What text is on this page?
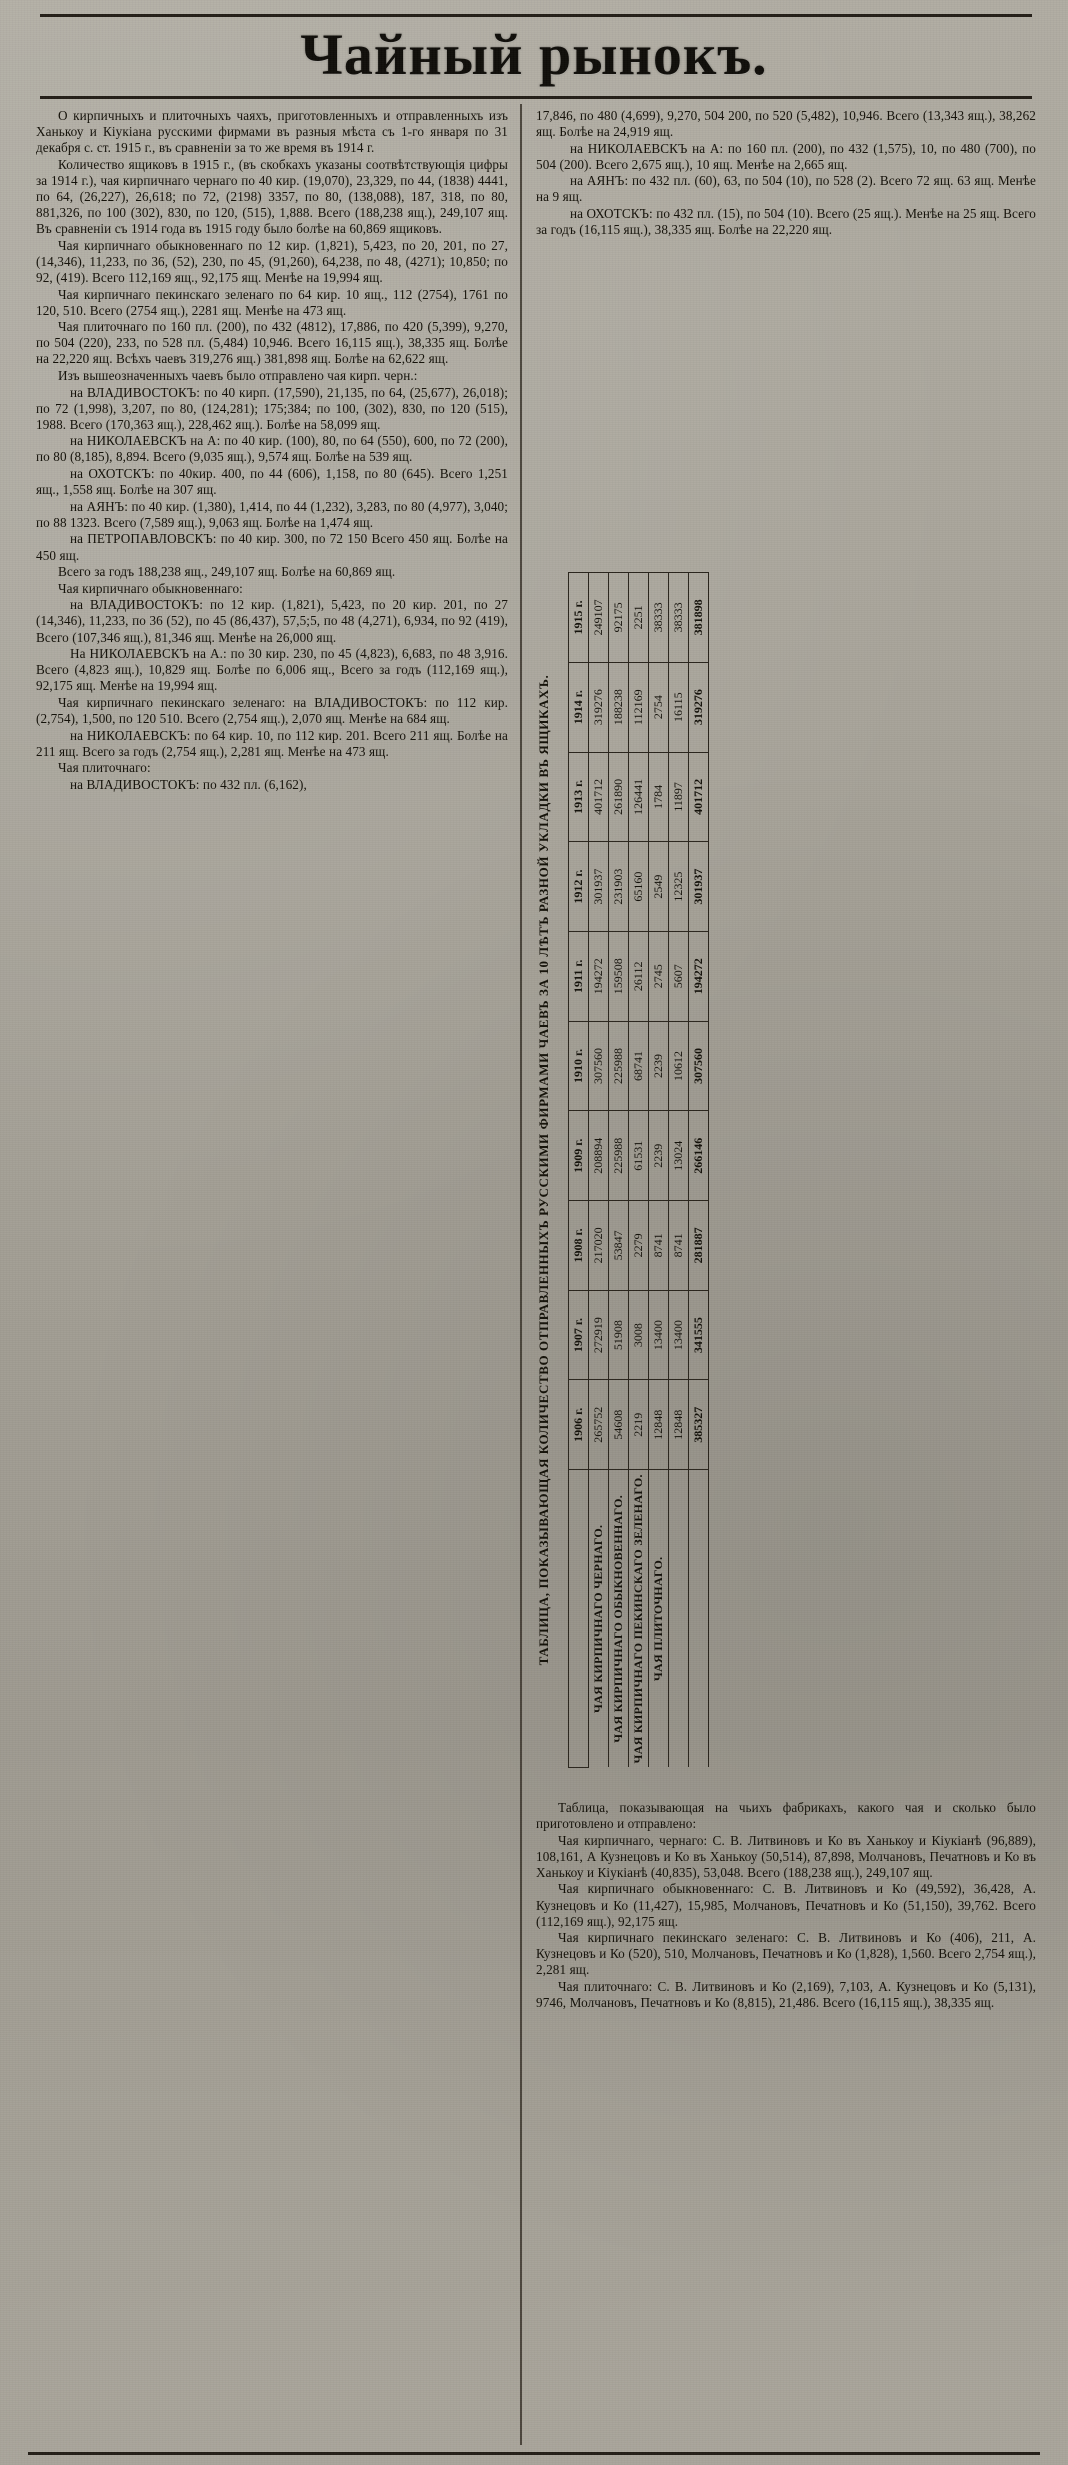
Чайный рынокъ.

О кирпичныхъ и плиточныхъ чаяхъ, приготовленныхъ и отправленныхъ изъ Ханькоу и Кіукіана русскими фирмами въ разныя мѣста съ 1-го января по 31 декабря с. ст. 1915 г., въ сравненіи за то же время въ 1914 г.

Количество ящиковъ в 1915 г., (въ скобкахъ указаны соотвѣтствующія цифры за 1914 г.), чая кирпичнаго чернаго по 40 кир. (19,070), 23,329, по 44, (1838) 4441, по 64, (26,227), 26,618; по 72, (2198) 3357, по 80, (138,088), 187, 318, по 80, 881,326, по 100 (302), 830, по 120, (515), 1,888. Всего (188,238 ящ.), 249,107 ящ. Въ сравненіи съ 1914 года въ 1915 году было болѣе на 60,869 ящиковъ.

Чая кирпичнаго обыкновеннаго по 12 кир. (1,821), 5,423, по 20, 201, по 27, (14,346), 11,233, по 36, (52), 230, по 45, (91,260), 64,238, по 48, (4271); 10,850; по 92, (419). Всего 112,169 ящ., 92,175 ящ. Менѣе на 19,994 ящ.

Чая кирпичнаго пекинскаго зеленаго по 64 кир. 10 ящ., 112 (2754), 1761 по 120, 510. Всего (2754 ящ.), 2281 ящ. Менѣе на 473 ящ.

Чая плиточнаго по 160 пл. (200), по 432 (4812), 17,886, по 420 (5,399), 9,270, по 504 (220), 233, по 528 пл. (5,484) 10,946. Всего 16,115 ящ.), 38,335 ящ. Болѣе на 22,220 ящ. Всѣхъ чаевъ 319,276 ящ.) 381,898 ящ. Болѣе на 62,622 ящ.

Изъ вышеозначенныхъ чаевъ было отправлено чая кирп. черн.:

на ВЛАДИВОСТОКЪ: по 40 кирп. (17,590), 21,135, по 64, (25,677), 26,018); по 72 (1,998), 3,207, по 80, (124,281); 175;384; по 100, (302), 830, по 120 (515), 1988. Всего (170,363 ящ.), 228,462 ящ.). Болѣе на 58,099 ящ.

на НИКОЛАЕВСКЪ на А: по 40 кир. (100), 80, по 64 (550), 600, по 72 (200), по 80 (8,185), 8,894. Всего (9,035 ящ.), 9,574 ящ. Болѣе на 539 ящ.

на ОХОТСКЪ: по 40кир. 400, по 44 (606), 1,158, по 80 (645). Всего 1,251 ящ., 1,558 ящ. Болѣе на 307 ящ.

на АЯНЪ: по 40 кир. (1,380), 1,414, по 44 (1,232), 3,283, по 80 (4,977), 3,040; по 88 1323. Всего (7,589 ящ.), 9,063 ящ. Болѣе на 1,474 ящ.

на ПЕТРОПАВЛОВСКЪ: по 40 кир. 300, по 72 150 Всего 450 ящ. Болѣе на 450 ящ.

Всего за годъ 188,238 ящ., 249,107 ящ. Болѣе на 60,869 ящ.

Чая кирпичнаго обыкновеннаго:

на ВЛАДИВОСТОКЪ: по 12 кир. (1,821), 5,423, по 20 кир. 201, по 27 (14,346), 11,233, по 36 (52), по 45 (86,437), 57,5;5, по 48 (4,271), 6,934, по 92 (419), Всего (107,346 ящ.), 81,346 ящ. Менѣе на 26,000 ящ.

На НИКОЛАЕВСКЪ на А.: по 30 кир. 230, по 45 (4,823), 6,683, по 48 3,916. Всего (4,823 ящ.), 10,829 ящ. Болѣе по 6,006 ящ., Всего за годъ (112,169 ящ.), 92,175 ящ. Менѣе на 19,994 ящ.

Чая кирпичнаго пекинскаго зеленаго: на ВЛАДИВОСТОКЪ: по 112 кир. (2,754), 1,500, по 120 510. Всего (2,754 ящ.), 2,070 ящ. Менѣе на 684 ящ.

на НИКОЛАЕВСКЪ: по 64 кир. 10, по 112 кир. 201. Всего 211 ящ. Болѣе на 211 ящ. Всего за годъ (2,754 ящ.), 2,281 ящ. Менѣе на 473 ящ.

Чая плиточнаго:

на ВЛАДИВОСТОКЪ: по 432 пл. (6,162),

17,846, по 480 (4,699), 9,270, 504 200, по 520 (5,482), 10,946. Всего (13,343 ящ.), 38,262 ящ. Болѣе на 24,919 ящ.

на НИКОЛАЕВСКЪ на А: по 160 пл. (200), по 432 (1,575), 10, по 480 (700), по 504 (200). Всего 2,675 ящ.), 10 ящ. Менѣе на 2,665 ящ.

на АЯНЪ: по 432 пл. (60), 63, по 504 (10), по 528 (2). Всего 72 ящ. 63 ящ. Менѣе на 9 ящ.

на ОХОТСКЪ: по 432 пл. (15), по 504 (10). Всего (25 ящ.). Менѣе на 25 ящ. Всего за годъ (16,115 ящ.), 38,335 ящ. Болѣе на 22,220 ящ.

ТАБЛИЦА, ПОКАЗЫВАЮЩАЯ КОЛИЧЕСТВО ОТПРАВЛЕННЫХЪ РУССКИМИ ФИРМАМИ ЧАЕВЪ ЗА 10 ЛѢТЪ РАЗНОЙ УКЛАДКИ ВЪ ЯЩИКАХЪ.
		1906 г.	1907 г.	1908 г.	1909 г.	1910 г.	1911 г.	1912 г.	1913 г.	1914 г.	1915 г.
ЧАЯ КИРПИЧНАГО ЧЕРНАГО.	265752	272919	217020	208894	307560	194272	301937	401712	319276	249107
ЧАЯ КИРПИЧНАГО ОБЫКНОВЕННАГО.	54608	51908	53847	225988	225988	159508	231903	261890	188238	92175
ЧАЯ КИРПИЧНАГО ПЕКИНСКАГО ЗЕЛЕНАГО.	2219	3008	2279	61531	68741	26112	65160	126441	112169	2251
ЧАЯ ПЛИТОЧНАГО.	12848	13400	8741	2239	2239	2745	2549	1784	2754	38333
	12848	13400	8741	13024	10612	5607	12325	11897	16115	38333
	385327	341555	281887	266146	307560	194272	301937	401712	319276	381898

Таблица, показывающая на чьихъ фабрикахъ, какого чая и сколько было приготовлено и отправлено:

Чая кирпичнаго, чернаго: С. В. Литвиновъ и Ко въ Ханькоу и Кіукіанѣ (96,889), 108,161, А Кузнецовъ и Ко въ Ханькоу (50,514), 87,898, Молчановъ, Печатновъ и Ко въ Ханькоу и Кіукіанѣ (40,835), 53,048. Всего (188,238 ящ.), 249,107 ящ.

Чая кирпичнаго обыкновеннаго: С. В. Литвиновъ и Ко (49,592), 36,428, А. Кузнецовъ и Ко (11,427), 15,985, Молчановъ, Печатновъ и Ко (51,150), 39,762. Всего (112,169 ящ.), 92,175 ящ.

Чая кирпичнаго пекинскаго зеленаго: С. В. Литвиновъ и Ко (406), 211, А. Кузнецовъ и Ко (520), 510, Молчановъ, Печатновъ и Ко (1,828), 1,560. Всего 2,754 ящ.), 2,281 ящ.

Чая плиточнаго: С. В. Литвиновъ и Ко (2,169), 7,103, А. Кузнецовъ и Ко (5,131), 9746, Молчановъ, Печатновъ и Ко (8,815), 21,486. Всего (16,115 ящ.), 38,335 ящ.
